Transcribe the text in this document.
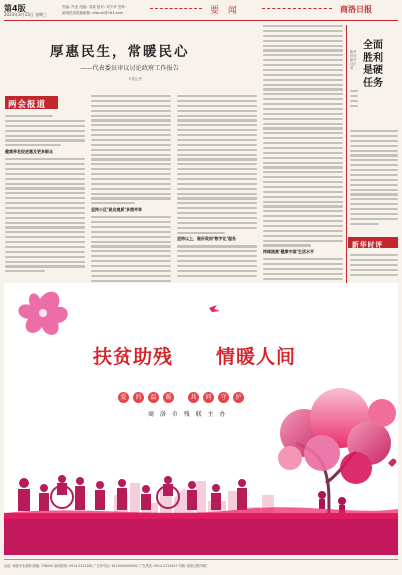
第4版
2023年3月15日 星期三
责编: 冯莹 组版: 刘斌 校对: 刘少华 签审:
新闻热线投稿邮箱: sllbcxk@163.com	要 闻	商洛日报
厚惠民生，常暖民心
——代表委员审议讨论政府工作报告
本报记者
两会报道
健康养老促进惠及更多群众
坚持小区‘就业提质’多措并举
坚持以上，做好政府‘数字化’服务
持续提高‘健康中国’生活水平
全面胜利是硬任务
新华时评 新华社记者
新华时评
扶贫助残 情暖人间
爱 的 温 暖	共 同 守 护
商 洛 市 残 联 主 办
社址: 商洛市北新街 邮编: 726000 新闻热线: 0914-2313282 广告许可证: 6110004000002 广告热线: 0914-2313447 印刷: 商洛日报印刷厂
